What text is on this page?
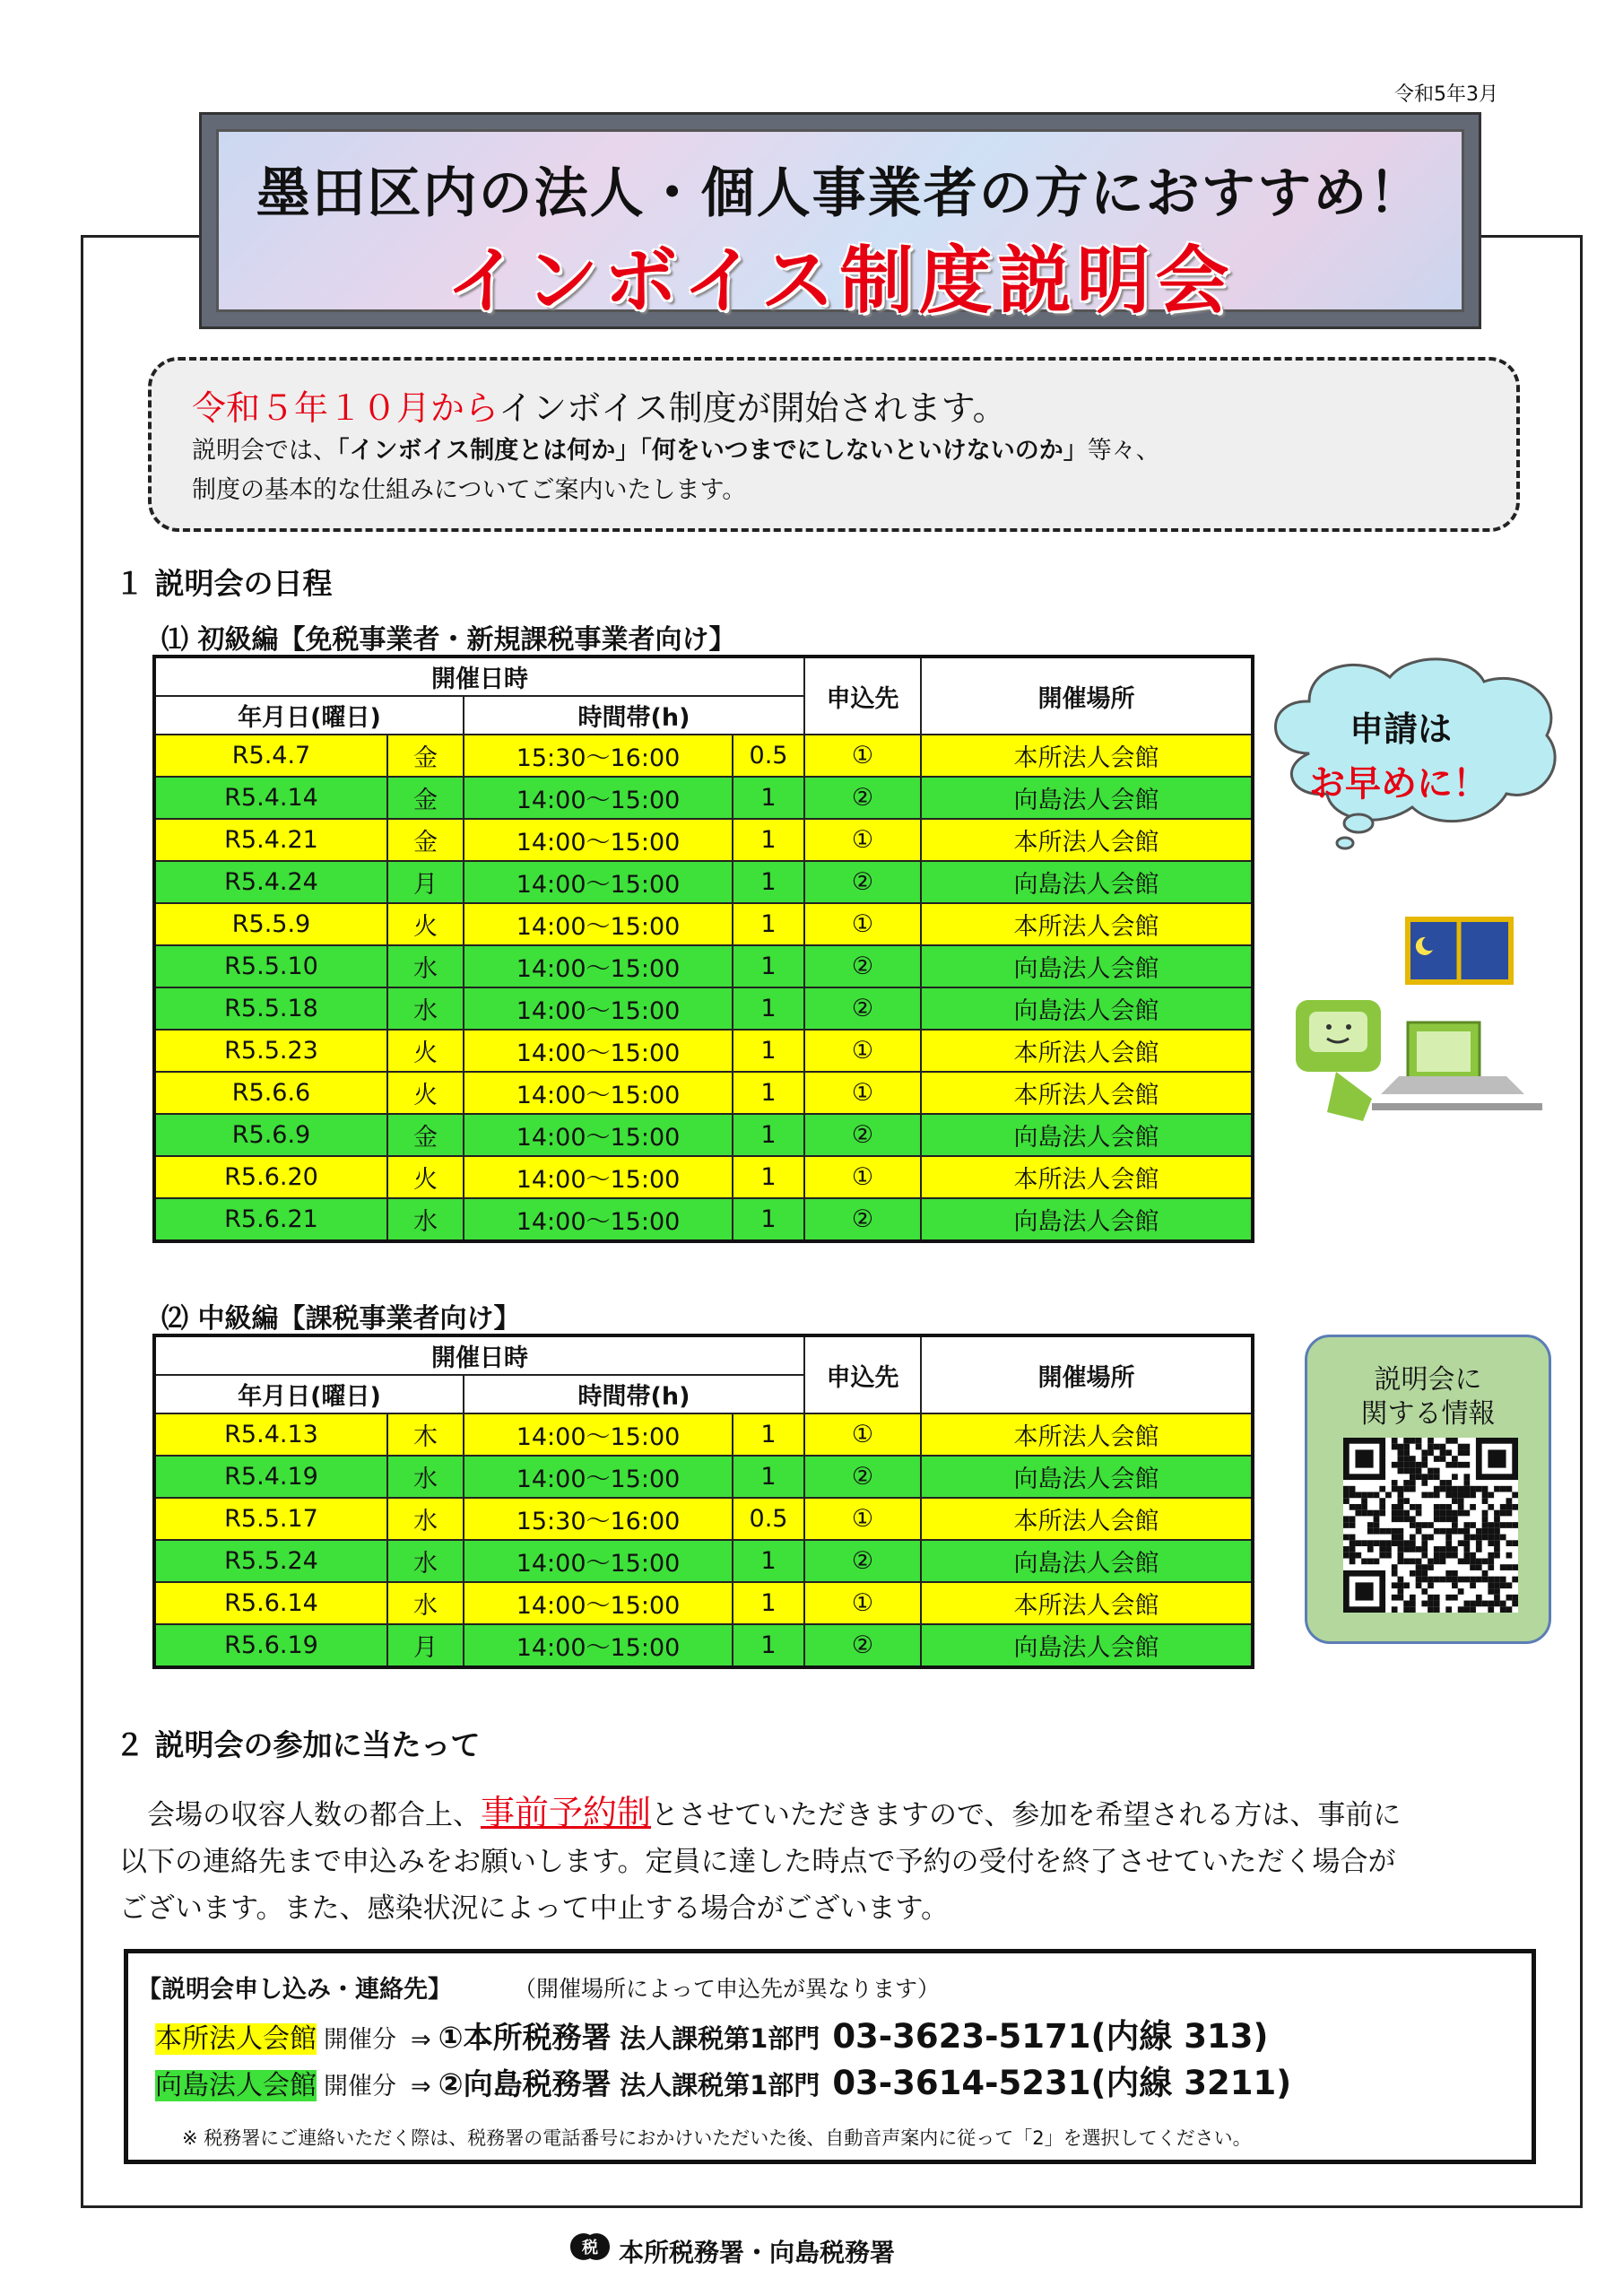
令和5年3月
墨田区内の法人・個人事業者の方におすすめ！
インボイス制度説明会
令和５年１０月からインボイス制度が開始されます。
説明会では、「インボイス制度とは何か」「何をいつまでにしないといけないのか」等々、
制度の基本的な仕組みについてご案内いたします。
１ 説明会の日程
⑴ 初級編【免税事業者・新規課税事業者向け】
開催日時				申込先	開催場所
年月日(曜日)		時間帯(h)			
R5.4.7	金	15:30～16:00	0.5	①	本所法人会館
R5.4.14	金	14:00～15:00	1	②	向島法人会館
R5.4.21	金	14:00～15:00	1	①	本所法人会館
R5.4.24	月	14:00～15:00	1	②	向島法人会館
R5.5.9	火	14:00～15:00	1	①	本所法人会館
R5.5.10	水	14:00～15:00	1	②	向島法人会館
R5.5.18	水	14:00～15:00	1	②	向島法人会館
R5.5.23	火	14:00～15:00	1	①	本所法人会館
R5.6.6	火	14:00～15:00	1	①	本所法人会館
R5.6.9	金	14:00～15:00	1	②	向島法人会館
R5.6.20	火	14:00～15:00	1	①	本所法人会館
R5.6.21	水	14:00～15:00	1	②	向島法人会館
申請は
お早めに！
⑵ 中級編【課税事業者向け】
開催日時				申込先	開催場所
年月日(曜日)		時間帯(h)			
R5.4.13	木	14:00～15:00	1	①	本所法人会館
R5.4.19	水	14:00～15:00	1	②	向島法人会館
R5.5.17	水	15:30～16:00	0.5	①	本所法人会館
R5.5.24	水	14:00～15:00	1	②	向島法人会館
R5.6.14	水	14:00～15:00	1	①	本所法人会館
R5.6.19	月	14:00～15:00	1	②	向島法人会館
説明会に
関する情報
２ 説明会の参加に当たって
会場の収容人数の都合上、事前予約制とさせていただきますので、参加を希望される方は、事前に
以下の連絡先まで申込みをお願いします。定員に達した時点で予約の受付を終了させていただく場合が
ございます。また、感染状況によって中止する場合がございます。
【説明会申し込み・連絡先】	（開催場所によって申込先が異なります）
本所法人会館 開催分 ⇒ ①本所税務署 法人課税第1部門 03-3623-5171(内線 313)
向島法人会館 開催分 ⇒ ②向島税務署 法人課税第1部門 03-3614-5231(内線 3211)
※ 税務署にご連絡いただく際は、税務署の電話番号におかけいただいた後、自動音声案内に従って「2」を選択してください。
税 本所税務署・向島税務署
